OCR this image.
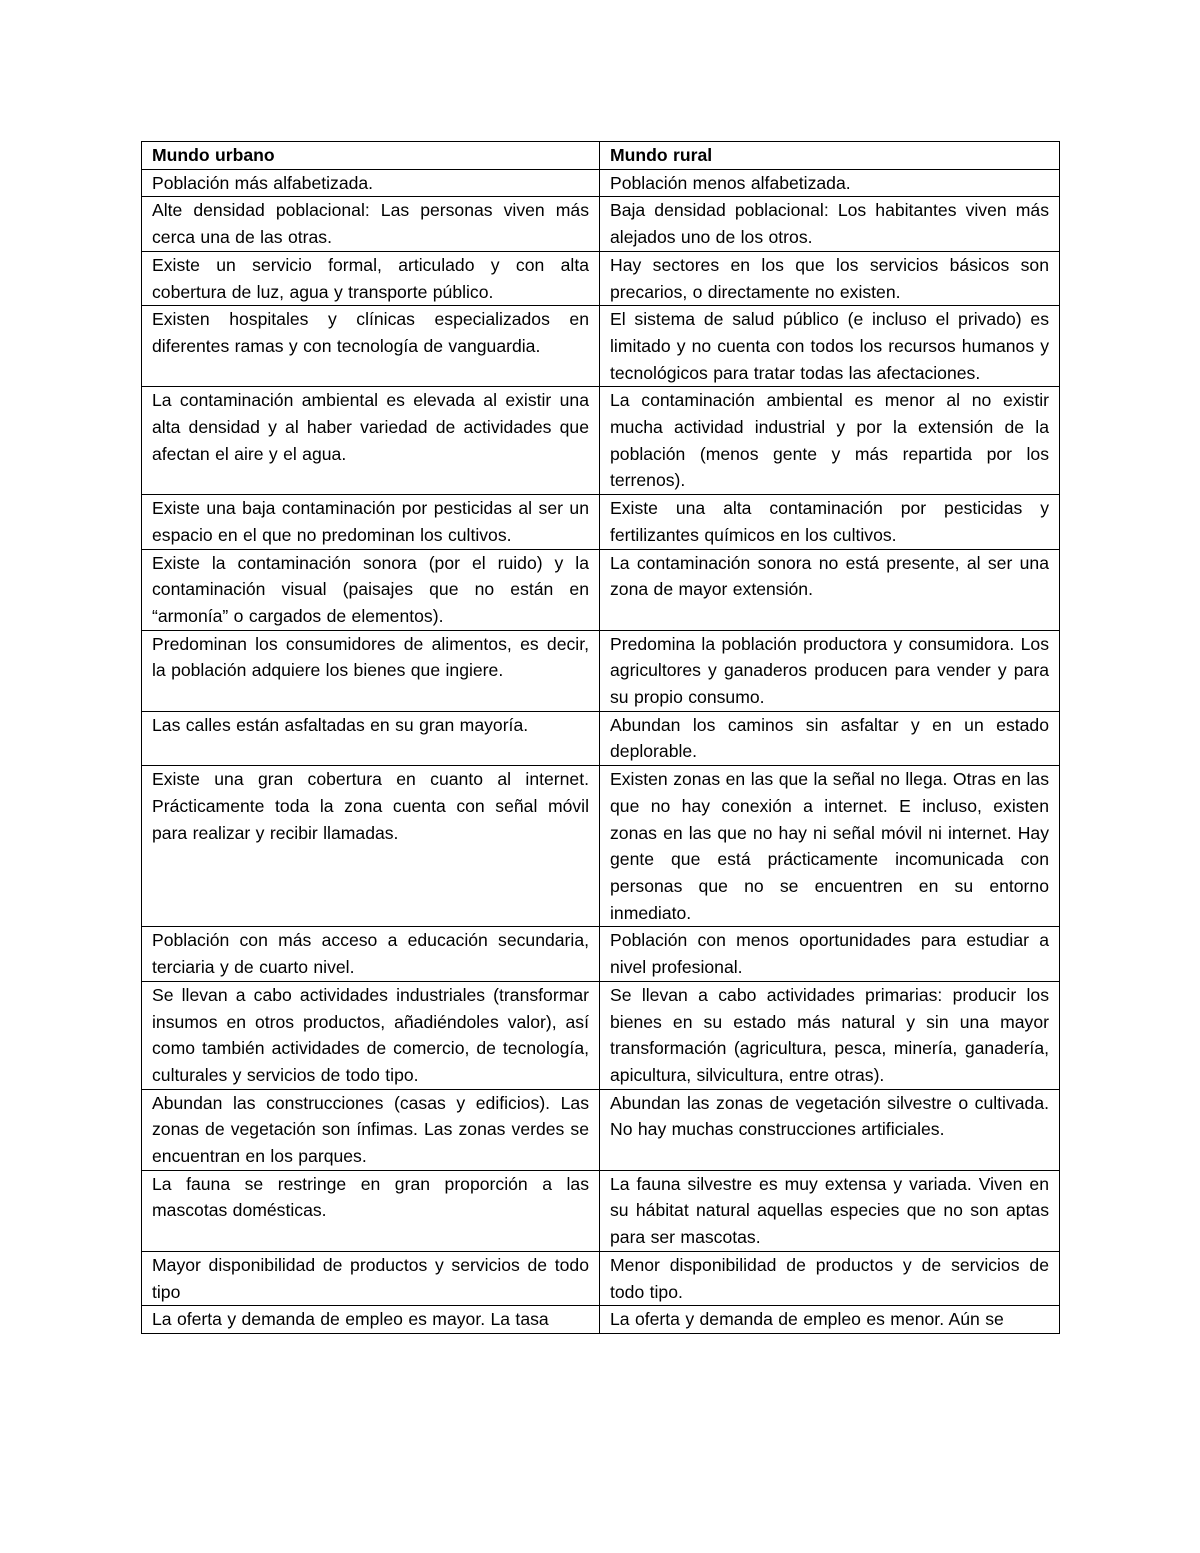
Mundo urbano	Mundo rural
Población más alfabetizada.	Población menos alfabetizada.
Alte densidad poblacional: Las personas viven más cerca una de las otras.	Baja densidad poblacional: Los habitantes viven más alejados uno de los otros.
Existe un servicio formal, articulado y con alta cobertura de luz, agua y transporte público.	Hay sectores en los que los servicios básicos son precarios, o directamente no existen.
Existen hospitales y clínicas especializados en diferentes ramas y con tecnología de vanguardia.	El sistema de salud público (e incluso el privado) es limitado y no cuenta con todos los recursos humanos y tecnológicos para tratar todas las afectaciones.
La contaminación ambiental es elevada al existir una alta densidad y al haber variedad de actividades que afectan el aire y el agua.	La contaminación ambiental es menor al no existir mucha actividad industrial y por la extensión de la población (menos gente y más repartida por los terrenos).
Existe una baja contaminación por pesticidas al ser un espacio en el que no predominan los cultivos.	Existe una alta contaminación por pesticidas y fertilizantes químicos en los cultivos.
Existe la contaminación sonora (por el ruido) y la contaminación visual (paisajes que no están en “armonía” o cargados de elementos).	La contaminación sonora no está presente, al ser una zona de mayor extensión.
Predominan los consumidores de alimentos, es decir, la población adquiere los bienes que ingiere.	Predomina la población productora y consumidora. Los agricultores y ganaderos producen para vender y para su propio consumo.
Las calles están asfaltadas en su gran mayoría.	Abundan los caminos sin asfaltar y en un estado deplorable.
Existe una gran cobertura en cuanto al internet. Prácticamente toda la zona cuenta con señal móvil para realizar y recibir llamadas.	Existen zonas en las que la señal no llega. Otras en las que no hay conexión a internet. E incluso, existen zonas en las que no hay ni señal móvil ni internet. Hay gente que está prácticamente incomunicada con personas que no se encuentren en su entorno inmediato.
Población con más acceso a educación secundaria, terciaria y de cuarto nivel.	Población con menos oportunidades para estudiar a nivel profesional.
Se llevan a cabo actividades industriales (transformar insumos en otros productos, añadiéndoles valor), así como también actividades de comercio, de tecnología, culturales y servicios de todo tipo.	Se llevan a cabo actividades primarias: producir los bienes en su estado más natural y sin una mayor transformación (agricultura, pesca, minería, ganadería, apicultura, silvicultura, entre otras).
Abundan las construcciones (casas y edificios). Las zonas de vegetación son ínfimas. Las zonas verdes se encuentran en los parques.	Abundan las zonas de vegetación silvestre o cultivada. No hay muchas construcciones artificiales.
La fauna se restringe en gran proporción a las mascotas domésticas.	La fauna silvestre es muy extensa y variada. Viven en su hábitat natural aquellas especies que no son aptas para ser mascotas.
Mayor disponibilidad de productos y servicios de todo tipo	Menor disponibilidad de productos y de servicios de todo tipo.
La oferta y demanda de empleo es mayor. La tasa	La oferta y demanda de empleo es menor. Aún se
